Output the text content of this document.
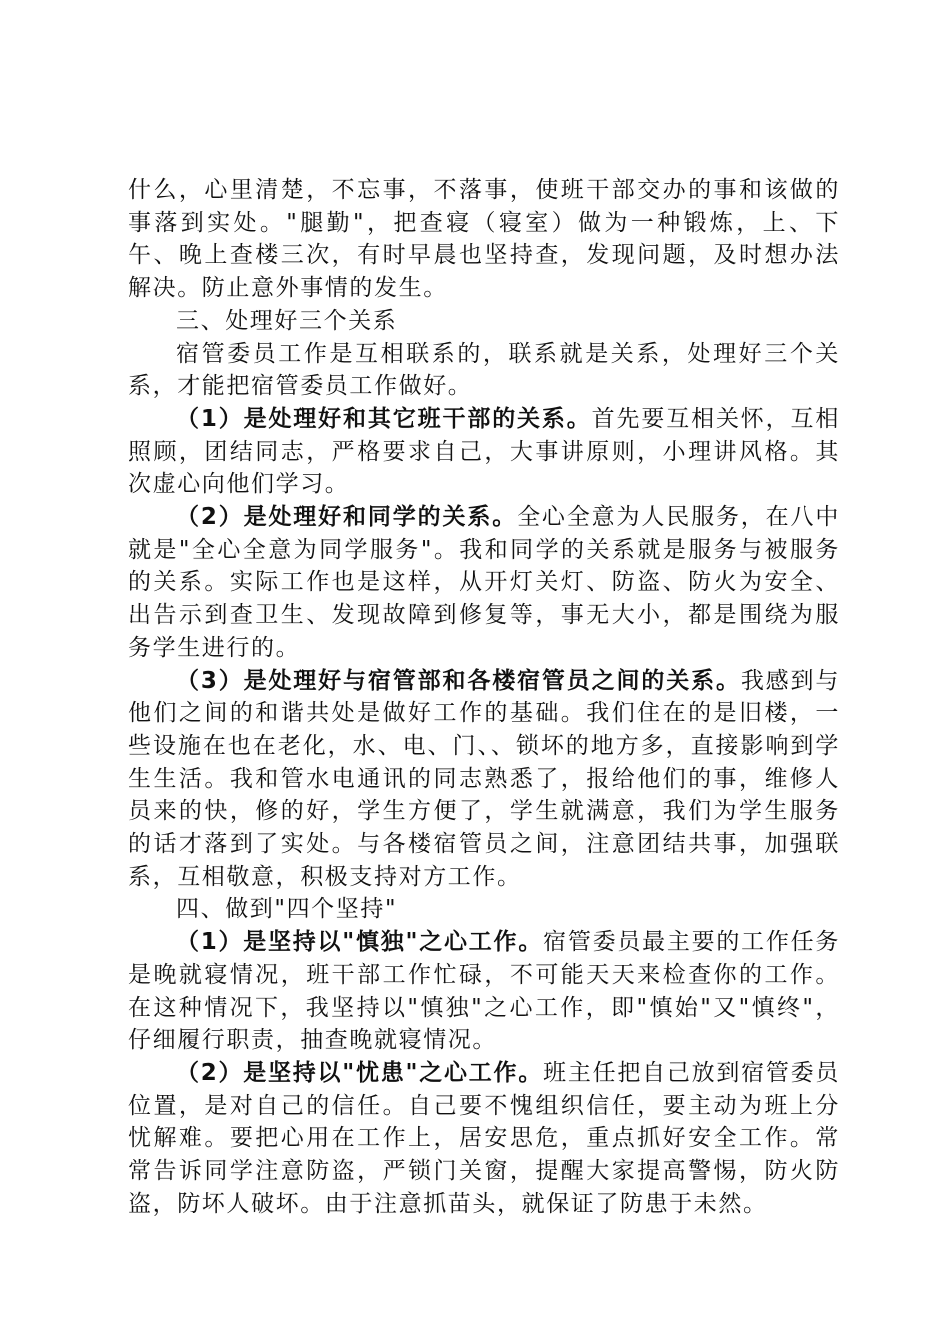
什么，心里清楚，不忘事，不落事，使班干部交办的事和该做的事落到实处。"腿勤"，把查寝（寝室）做为一种锻炼，上、下午、晚上查楼三次，有时早晨也坚持查，发现问题，及时想办法解决。防止意外事情的发生。

三、处理好三个关系

宿管委员工作是互相联系的，联系就是关系，处理好三个关系，才能把宿管委员工作做好。

（1）是处理好和其它班干部的关系。首先要互相关怀，互相照顾，团结同志，严格要求自己，大事讲原则，小理讲风格。其次虚心向他们学习。

（2）是处理好和同学的关系。全心全意为人民服务，在八中就是"全心全意为同学服务"。我和同学的关系就是服务与被服务的关系。实际工作也是这样，从开灯关灯、防盗、防火为安全、出告示到查卫生、发现故障到修复等，事无大小，都是围绕为服务学生进行的。

（3）是处理好与宿管部和各楼宿管员之间的关系。我感到与他们之间的和谐共处是做好工作的基础。我们住在的是旧楼，一些设施在也在老化，水、电、门、、锁坏的地方多，直接影响到学生生活。我和管水电通讯的同志熟悉了，报给他们的事，维修人员来的快，修的好，学生方便了，学生就满意，我们为学生服务的话才落到了实处。与各楼宿管员之间，注意团结共事，加强联系，互相敬意，积极支持对方工作。

四、做到"四个坚持"

（1）是坚持以"慎独"之心工作。宿管委员最主要的工作任务是晚就寝情况，班干部工作忙碌，不可能天天来检查你的工作。在这种情况下，我坚持以"慎独"之心工作，即"慎始"又"慎终"，仔细履行职责，抽查晚就寝情况。

（2）是坚持以"忧患"之心工作。班主任把自己放到宿管委员位置，是对自己的信任。自己要不愧组织信任，要主动为班上分忧解难。要把心用在工作上，居安思危，重点抓好安全工作。常常告诉同学注意防盗，严锁门关窗，提醒大家提高警惕，防火防盗，防坏人破坏。由于注意抓苗头，就保证了防患于未然。
